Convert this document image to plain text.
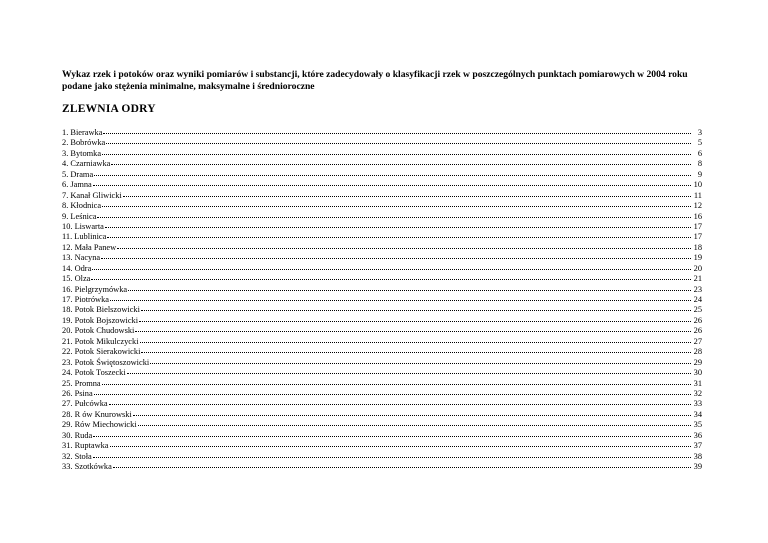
Wykaz rzek i potoków oraz wyniki pomiarów i substancji, które zadecydowały o klasyfikacji rzek w poszczególnych punktach pomiarowych w 2004 roku podane jako stężenia minimalne, maksymalne i średnioroczne
ZLEWNIA ODRY
1. Bierawka	3
2. Bobrówka	5
3. Bytomka	6
4. Czarniawka	8
5. Drama	9
6. Jamna	10
7. Kanał Gliwicki	11
8. Kłodnica	12
9. Leśnica	16
10. Liswarta	17
11. Lublinica	17
12. Mała Panew	18
13. Nacyna	19
14. Odra	20
15. Olza	21
16. Pielgrzymówka	23
17. Piotrówka	24
18. Potok Bielszowicki	25
19. Potok Bojszowicki	26
20. Potok Chudowski	26
21. Potok Mikulczycki	27
22. Potok Sierakowicki	28
23. Potok Świętoszowicki	29
24. Potok Toszecki	30
25. Promna	31
26. Psina	32
27. Pułcówka	33
28. R ów Knurowski	34
29. Rów Miechowicki	35
30. Ruda	36
31. Ruptawka	37
32. Stoła	38
33. Szotkówka	39
